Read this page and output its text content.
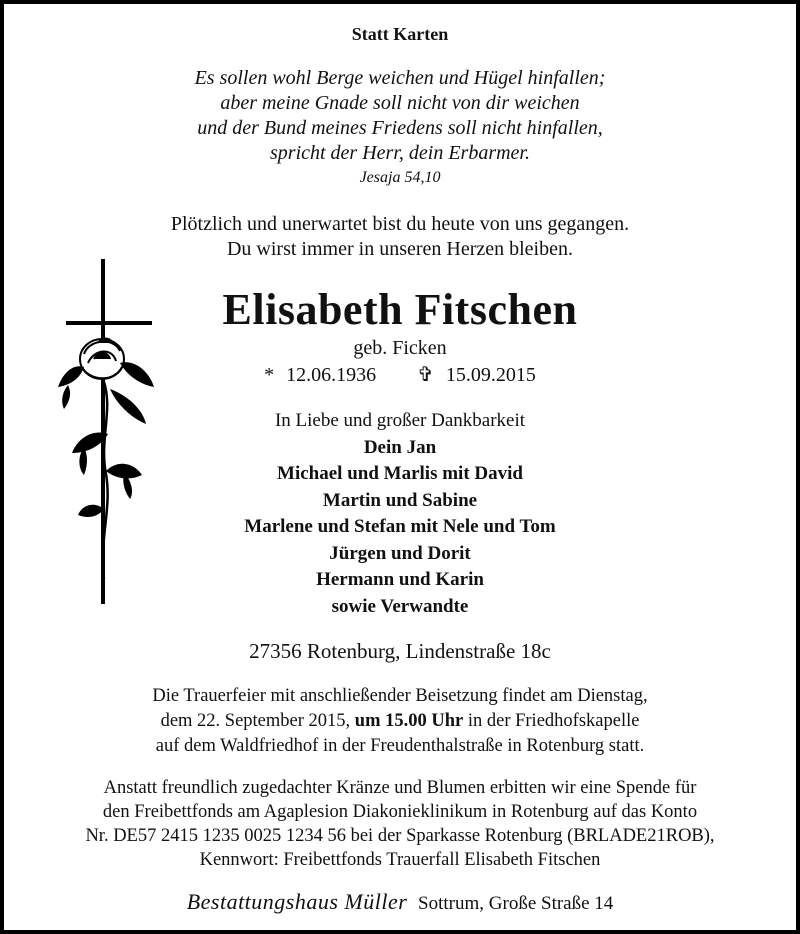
Statt Karten
Es sollen wohl Berge weichen und Hügel hinfallen;
aber meine Gnade soll nicht von dir weichen
und der Bund meines Friedens soll nicht hinfallen,
spricht der Herr, dein Erbarmer.
Jesaja 54,10
Plötzlich und unerwartet bist du heute von uns gegangen.
Du wirst immer in unseren Herzen bleiben.
Elisabeth Fitschen
geb. Ficken
* 12.06.1936 ✞ 15.09.2015
In Liebe und großer Dankbarkeit
Dein Jan
Michael und Marlis mit David
Martin und Sabine
Marlene und Stefan mit Nele und Tom
Jürgen und Dorit
Hermann und Karin
sowie Verwandte
27356 Rotenburg, Lindenstraße 18c
Die Trauerfeier mit anschließender Beisetzung findet am Dienstag,
dem 22. September 2015, um 15.00 Uhr in der Friedhofskapelle
auf dem Waldfriedhof in der Freudenthalstraße in Rotenburg statt.
Anstatt freundlich zugedachter Kränze und Blumen erbitten wir eine Spende für
den Freibettfonds am Agaplesion Diakonieklinikum in Rotenburg auf das Konto
Nr. DE57 2415 1235 0025 1234 56 bei der Sparkasse Rotenburg (BRLADE21ROB),
Kennwort: Freibettfonds Trauerfall Elisabeth Fitschen
Bestattungshaus Müller Sottrum, Große Straße 14
